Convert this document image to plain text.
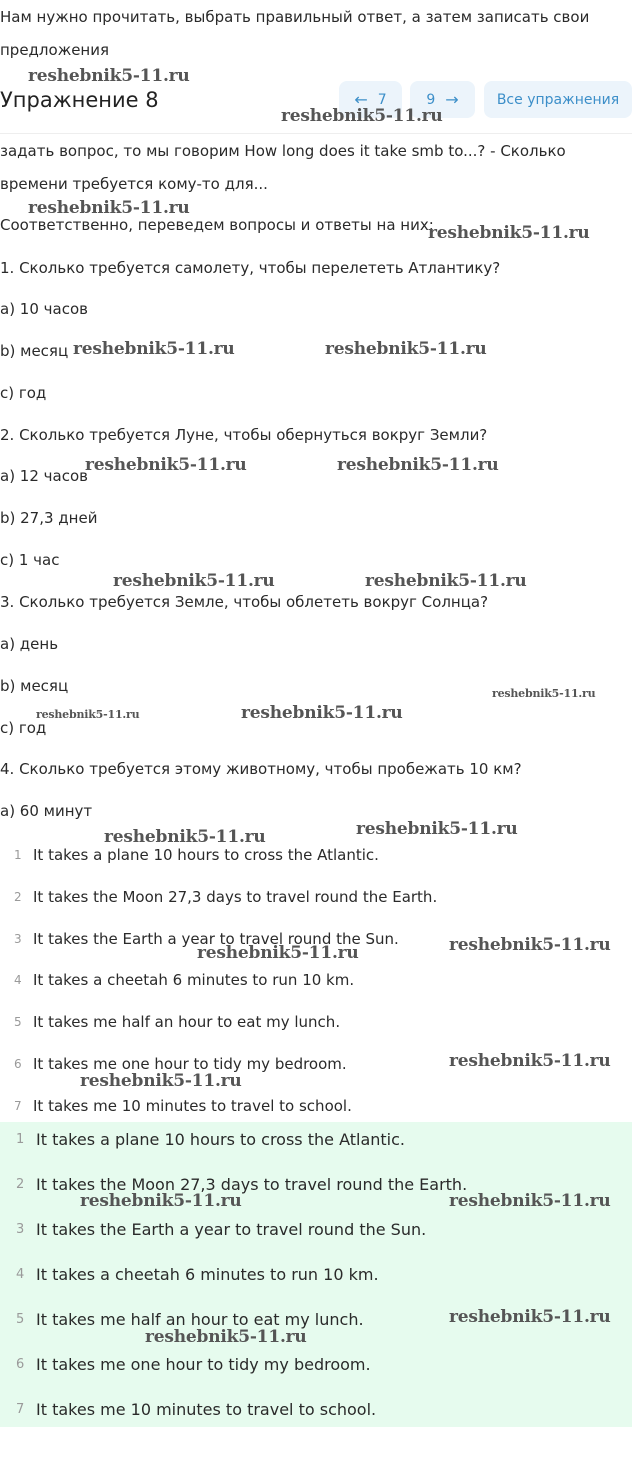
Нам нужно прочитать, выбрать правильный ответ, а затем записать свои
предложения
Упражнение 8	← 7	9 →	Все упражнения
задать вопрос, то мы говорим How long does it take smb to...? - Сколько
времени требуется кому-то для...
Соответственно, переведем вопросы и ответы на них:
1. Сколько требуется самолету, чтобы перелететь Атлантику?
a) 10 часов
b) месяц
c) год
2. Сколько требуется Луне, чтобы обернуться вокруг Земли?
a) 12 часов
b) 27,3 дней
c) 1 час
3. Сколько требуется Земле, чтобы облететь вокруг Солнца?
a) день
b) месяц
c) год
4. Сколько требуется этому животному, чтобы пробежать 10 км?
a) 60 минут
1 It takes a plane 10 hours to cross the Atlantic.
2 It takes the Moon 27,3 days to travel round the Earth.
3 It takes the Earth a year to travel round the Sun.
4 It takes a cheetah 6 minutes to run 10 km.
5 It takes me half an hour to eat my lunch.
6 It takes me one hour to tidy my bedroom.
7 It takes me 10 minutes to travel to school.
1 It takes a plane 10 hours to cross the Atlantic.
2 It takes the Moon 27,3 days to travel round the Earth.
3 It takes the Earth a year to travel round the Sun.
4 It takes a cheetah 6 minutes to run 10 km.
5 It takes me half an hour to eat my lunch.
6 It takes me one hour to tidy my bedroom.
7 It takes me 10 minutes to travel to school.
reshebnik5-11.ru
reshebnik5-11.ru
reshebnik5-11.ru
reshebnik5-11.ru
reshebnik5-11.ru	reshebnik5-11.ru
reshebnik5-11.ru	reshebnik5-11.ru
reshebnik5-11.ru	reshebnik5-11.ru
reshebnik5-11.ru
reshebnik5-11.ru	reshebnik5-11.ru
reshebnik5-11.ru	reshebnik5-11.ru
reshebnik5-11.ru
reshebnik5-11.ru
reshebnik5-11.ru
reshebnik5-11.ru
reshebnik5-11.ru	reshebnik5-11.ru
reshebnik5-11.ru
reshebnik5-11.ru
